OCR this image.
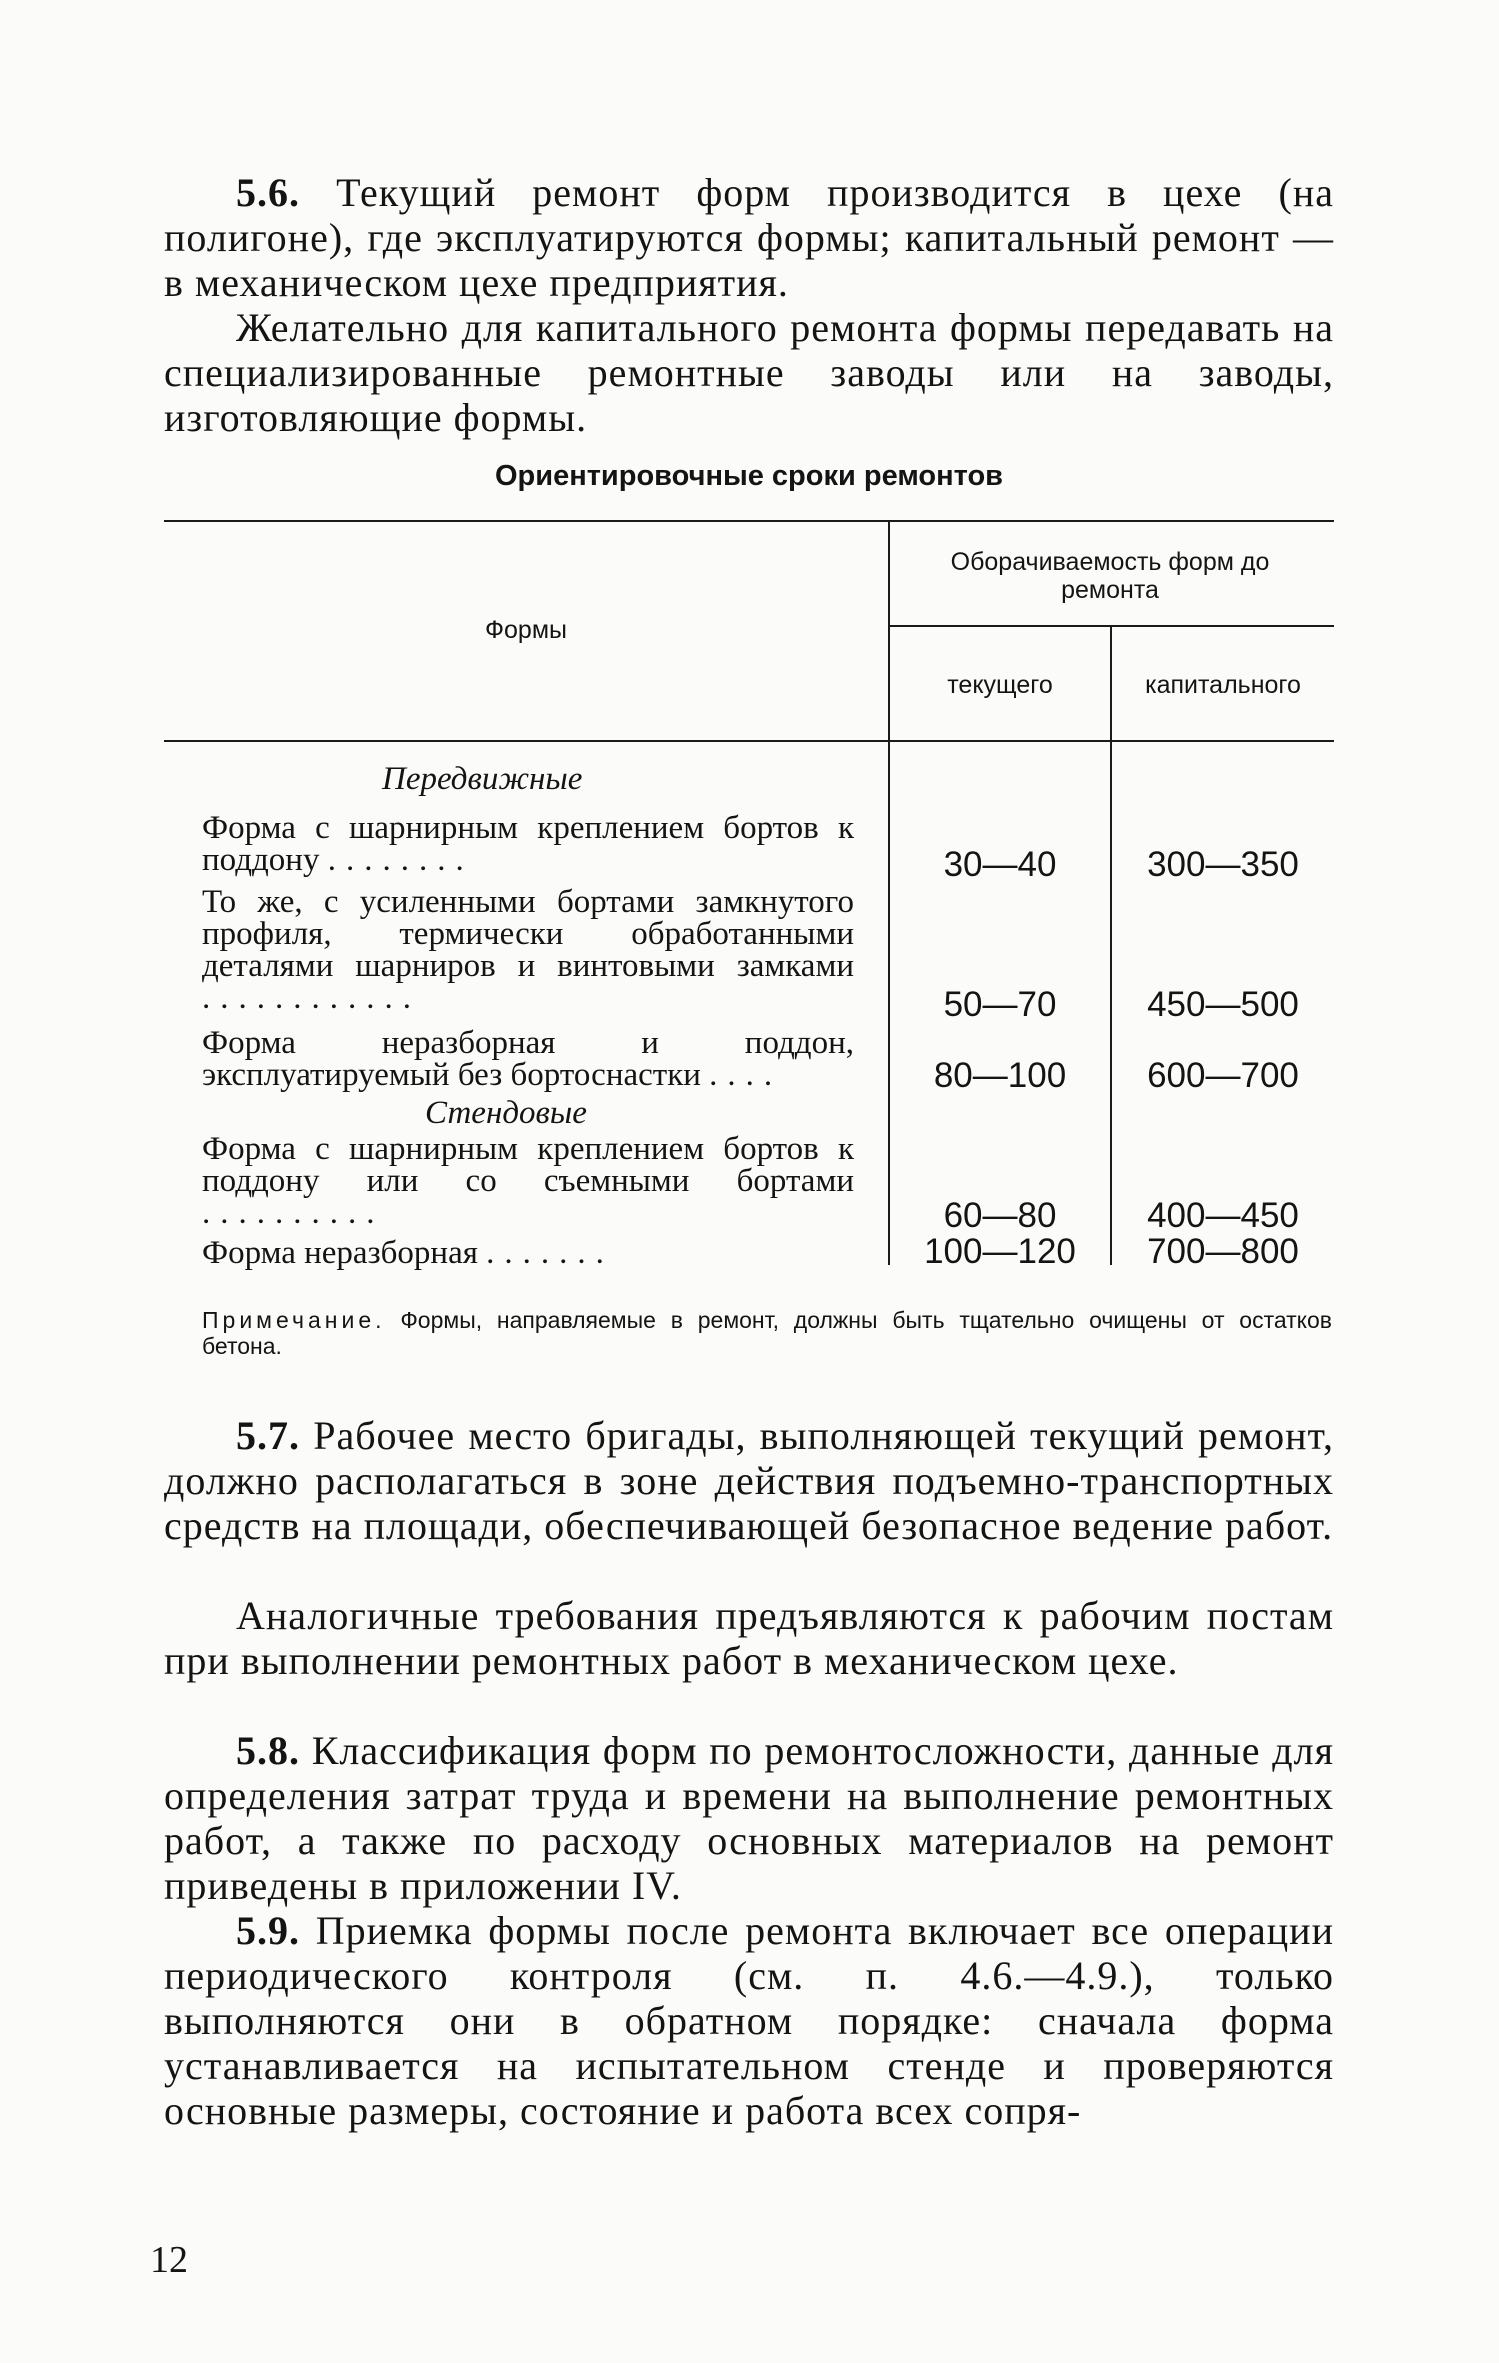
5.6. Текущий ремонт форм производится в цехе (на полигоне), где эксплуатируются формы; капитальный ремонт — в механическом цехе предприятия.

Желательно для капитального ремонта формы передавать на специализированные ремонтные заводы или на заводы, изготовляющие формы.

Ориентировочные сроки ремонтов

Формы

Оборачиваемость форм до ремонта

текущего	капитального

Передвижные

Форма с шарнирным креплением бортов к поддону ........	30—40	300—350

То же, с усиленными бортами замкнутого профиля, термически обработанными деталями шарниров и винтовыми замками ............	50—70	450—500

Форма неразборная и поддон, эксплуатируемый без бортоснастки ....	80—100	600—700

Стендовые

Форма с шарнирным креплением бортов к поддону или со съемными бортами ..........	60—80	400—450

Форма неразборная .......	100—120	700—800

Примечание. Формы, направляемые в ремонт, должны быть тщательно очищены от остатков бетона.

5.7. Рабочее место бригады, выполняющей текущий ремонт, должно располагаться в зоне действия подъемно-транспортных средств на площади, обеспечивающей безопасное ведение работ.

Аналогичные требования предъявляются к рабочим постам при выполнении ремонтных работ в механическом цехе.

5.8. Классификация форм по ремонтосложности, данные для определения затрат труда и времени на выполнение ремонтных работ, а также по расходу основных материалов на ремонт приведены в приложении IV.

5.9. Приемка формы после ремонта включает все операции периодического контроля (см. п. 4.6.—4.9.), только выполняются они в обратном порядке: сначала форма устанавливается на испытательном стенде и проверяются основные размеры, состояние и работа всех сопря-

12
